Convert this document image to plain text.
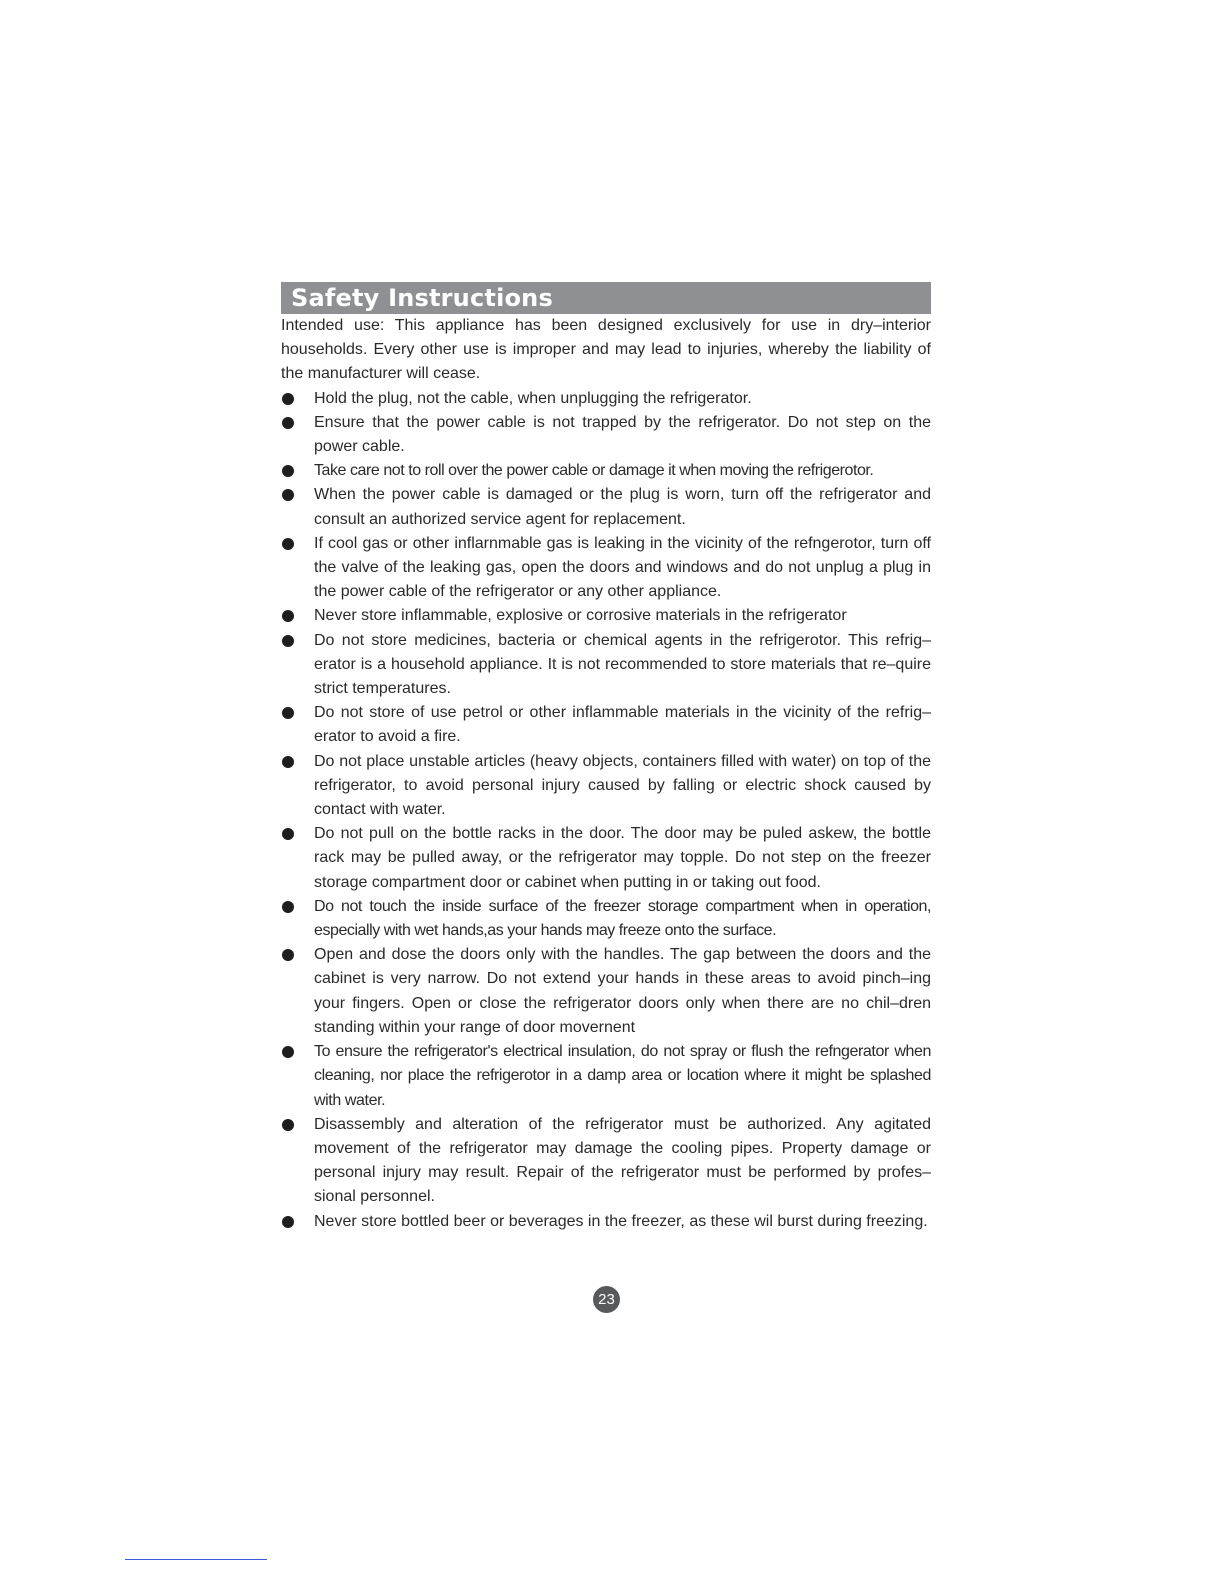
Safety Instructions

Intended use: This appliance has been designed exclusively for use in dry–interior households. Every other use is improper and may lead to injuries, whereby the liability of the manufacturer will cease.

Hold the plug, not the cable, when unplugging the refrigerator.
Ensure that the power cable is not trapped by the refrigerator. Do not step on the power cable.
Take care not to roll over the power cable or damage it when moving the refrigerotor.
When the power cable is damaged or the plug is worn, turn off the refrigerator and consult an authorized service agent for replacement.
If cool gas or other inflarnmable gas is leaking in the vicinity of the refngerotor, turn off the valve of the leaking gas, open the doors and windows and do not unplug a plug in the power cable of the refrigerator or any other appliance.
Never store inflammable, explosive or corrosive materials in the refrigerator
Do not store medicines, bacteria or chemical agents in the refrigerotor. This refrig–erator is a household appliance. It is not recommended to store materials that re–quire strict temperatures.
Do not store of use petrol or other inflammable materials in the vicinity of the refrig–erator to avoid a fire.
Do not place unstable articles (heavy objects, containers filled with water) on top of the refrigerator, to avoid personal injury caused by falling or electric shock caused by contact with water.
Do not pull on the bottle racks in the door. The door may be puled askew, the bottle rack may be pulled away, or the refrigerator may topple. Do not step on the freezer storage compartment door or cabinet when putting in or taking out food.
Do not touch the inside surface of the freezer storage compartment when in operation, especially with wet hands,as your hands may freeze onto the surface.
Open and dose the doors only with the handles. The gap between the doors and the cabinet is very narrow. Do not extend your hands in these areas to avoid pinch–ing your fingers. Open or close the refrigerator doors only when there are no chil–dren standing within your range of door movernent
To ensure the refrigerator's electrical insulation, do not spray or flush the refngerator when cleaning, nor place the refrigerotor in a damp area or location where it might be splashed with water.
Disassembly and alteration of the refrigerator must be authorized. Any agitated movement of the refrigerator may damage the cooling pipes. Property damage or personal injury may result. Repair of the refrigerator must be performed by profes–sional personnel.
Never store bottled beer or beverages in the freezer, as these wil burst during freezing.
23
